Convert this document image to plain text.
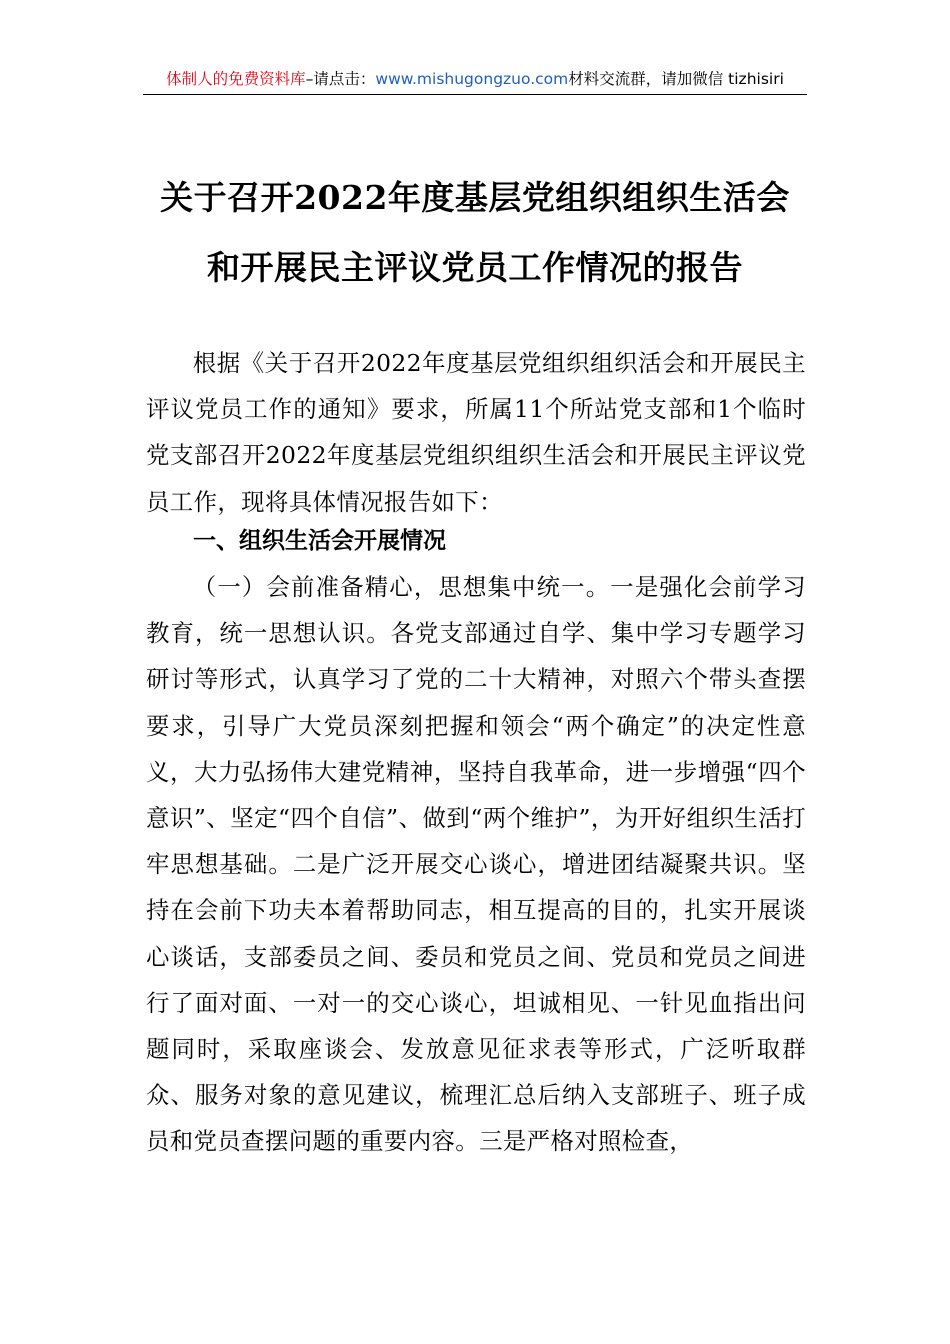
体制人的免费资料库–请点击：www.mishugongzuo.com材料交流群，请加微信 tizhisiri
关于召开2022年度基层党组织组织生活会
和开展民主评议党员工作情况的报告

根据《关于召开2022年度基层党组织组织活会和开展民主评议党员工作的通知》要求，所属11个所站党支部和1个临时党支部召开2022年度基层党组织组织生活会和开展民主评议党员工作，现将具体情况报告如下：

一、组织生活会开展情况

（一）会前准备精心，思想集中统一。一是强化会前学习教育，统一思想认识。各党支部通过自学、集中学习专题学习研讨等形式，认真学习了党的二十大精神，对照六个带头查摆要求，引导广大党员深刻把握和领会“两个确定”的决定性意义，大力弘扬伟大建党精神，坚持自我革命，进一步增强“四个意识”、坚定“四个自信”、做到“两个维护”，为开好组织生活打牢思想基础。二是广泛开展交心谈心，增进团结凝聚共识。坚持在会前下功夫本着帮助同志，相互提高的目的，扎实开展谈心谈话，支部委员之间、委员和党员之间、党员和党员之间进行了面对面、一对一的交心谈心，坦诚相见、一针见血指出问题同时，采取座谈会、发放意见征求表等形式，广泛听取群众、服务对象的意见建议，梳理汇总后纳入支部班子、班子成员和党员查摆问题的重要内容。三是严格对照检查，
